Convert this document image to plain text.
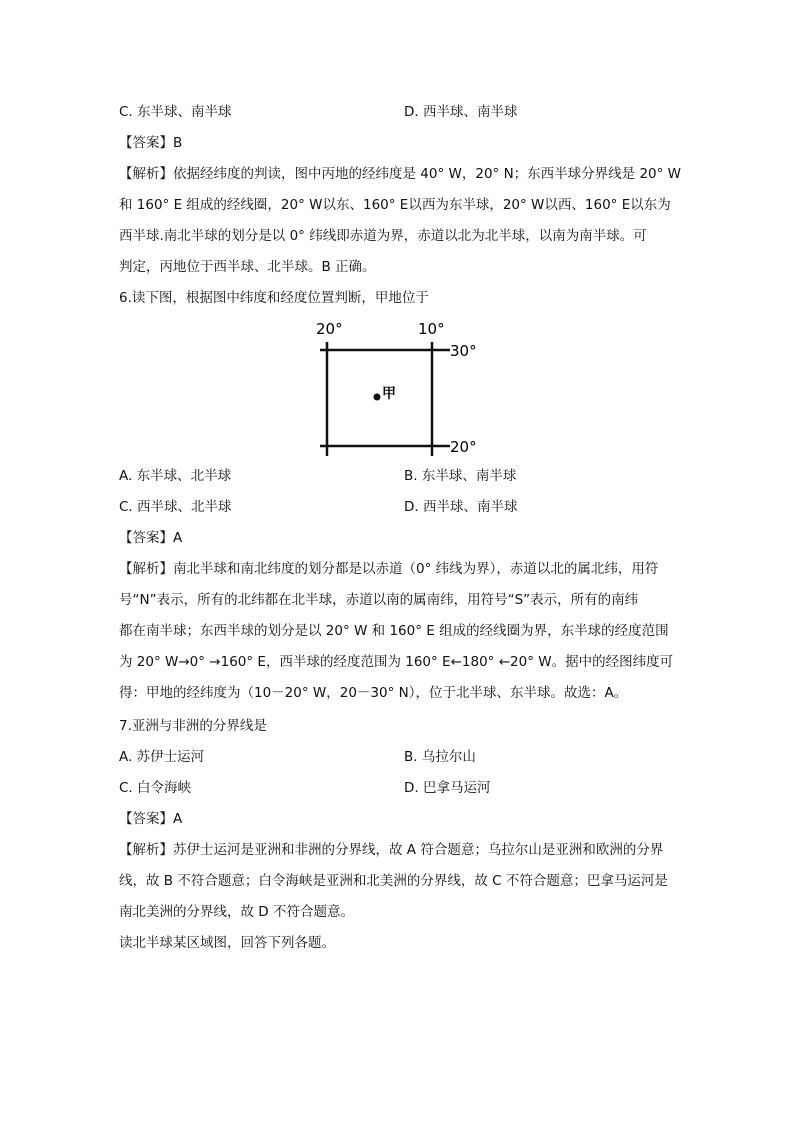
C. 东半球、南半球	D. 西半球、南半球
【答案】B
【解析】依据经纬度的判读，图中丙地的经纬度是 40° W，20° N；东西半球分界线是 20° W
和 160° E 组成的经线圈，20° W以东、160° E以西为东半球，20° W以西、160° E以东为
西半球.南北半球的划分是以 0° 纬线即赤道为界，赤道以北为北半球，以南为南半球。可
判定，丙地位于西半球、北半球。B 正确。
6.读下图，根据图中纬度和经度位置判断，甲地位于
20°	10°
30°
20°
甲
A. 东半球、北半球	B. 东半球、南半球
C. 西半球、北半球	D. 西半球、南半球
【答案】A
【解析】南北半球和南北纬度的划分都是以赤道（0° 纬线为界），赤道以北的属北纬，用符
号“N”表示，所有的北纬都在北半球，赤道以南的属南纬，用符号“S”表示，所有的南纬
都在南半球；东西半球的划分是以 20° W 和 160° E 组成的经线圈为界，东半球的经度范围
为 20° W→0° →160° E，西半球的经度范围为 160° E←180° ←20° W。据中的经图纬度可
得：甲地的经纬度为（10－20° W，20－30° N），位于北半球、东半球。故选：A。
7.亚洲与非洲的分界线是
A. 苏伊士运河	B. 乌拉尔山
C. 白令海峡	D. 巴拿马运河
【答案】A
【解析】苏伊士运河是亚洲和非洲的分界线，故 A 符合题意；乌拉尔山是亚洲和欧洲的分界
线，故 B 不符合题意；白令海峡是亚洲和北美洲的分界线，故 C 不符合题意；巴拿马运河是
南北美洲的分界线，故 D 不符合题意。
读北半球某区域图，回答下列各题。
